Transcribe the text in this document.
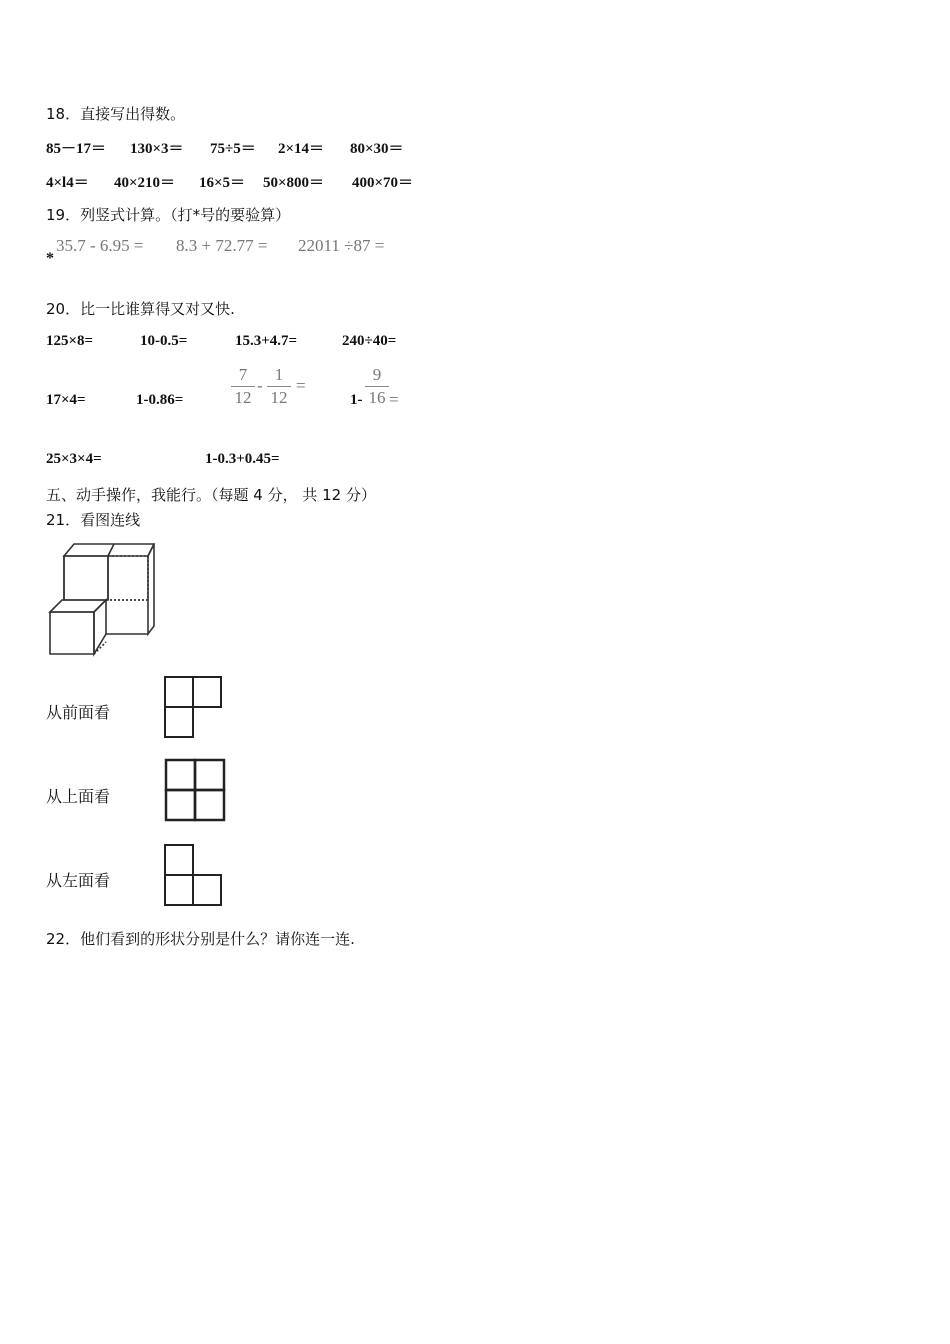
18．直接写出得数。
85－17＝ 130×3＝ 75÷5＝ 2×14＝ 80×30＝
4×l4＝ 40×210＝ 16×5＝ 50×800＝ 400×70＝
19．列竖式计算。（打*号的要验算）
*
35.7 - 6.95 = 8.3 + 72.77 = 22011 ÷87 =
20．比一比谁算得又对又快.
125×8=	10-0.5=	15.3+4.7=	240÷40=
17×4=	1-0.86=
7
12
-
1
12
=
1-
9
16 =
25×3×4=	1-0.3+0.45=
五、动手操作，我能行。（每题 4 分， 共 12 分）
21．看图连线
从前面看
从上面看
从左面看
22．他们看到的形状分别是什么？请你连一连.
